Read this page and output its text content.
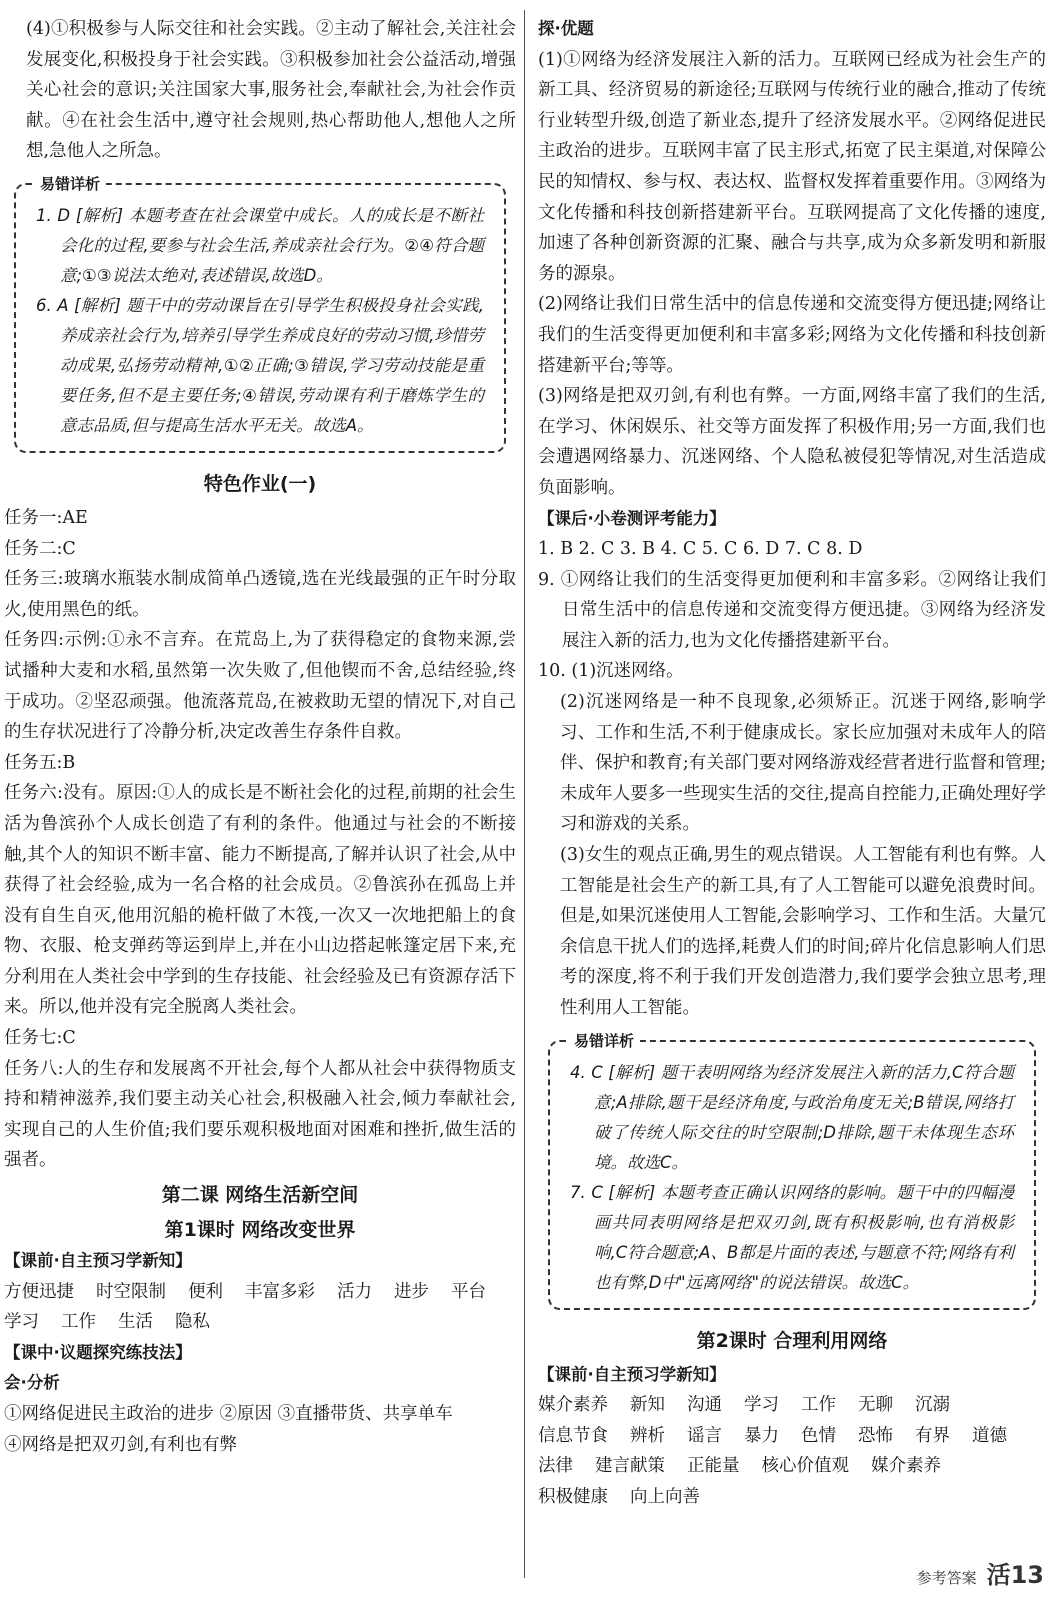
(4)①积极参与人际交往和社会实践。②主动了解社会,关注社会发展变化,积极投身于社会实践。③积极参加社会公益活动,增强关心社会的意识;关注国家大事,服务社会,奉献社会,为社会作贡献。④在社会生活中,遵守社会规则,热心帮助他人,想他人之所想,急他人之所急。

易错详析

1. D [解析] 本题考查在社会课堂中成长。人的成长是不断社会化的过程,要参与社会生活,养成亲社会行为。②④符合题意;①③说法太绝对,表述错误,故选D。

6. A [解析] 题干中的劳动课旨在引导学生积极投身社会实践,养成亲社会行为,培养引导学生养成良好的劳动习惯,珍惜劳动成果,弘扬劳动精神,①②正确;③错误,学习劳动技能是重要任务,但不是主要任务;④错误,劳动课有利于磨炼学生的意志品质,但与提高生活水平无关。故选A。

特色作业(一)

任务一:AE

任务二:C

任务三:玻璃水瓶装水制成简单凸透镜,选在光线最强的正午时分取火,使用黑色的纸。

任务四:示例:①永不言弃。在荒岛上,为了获得稳定的食物来源,尝试播种大麦和水稻,虽然第一次失败了,但他锲而不舍,总结经验,终于成功。②坚忍顽强。他流落荒岛,在被救助无望的情况下,对自己的生存状况进行了冷静分析,决定改善生存条件自救。

任务五:B

任务六:没有。原因:①人的成长是不断社会化的过程,前期的社会生活为鲁滨孙个人成长创造了有利的条件。他通过与社会的不断接触,其个人的知识不断丰富、能力不断提高,了解并认识了社会,从中获得了社会经验,成为一名合格的社会成员。②鲁滨孙在孤岛上并没有自生自灭,他用沉船的桅杆做了木筏,一次又一次地把船上的食物、衣服、枪支弹药等运到岸上,并在小山边搭起帐篷定居下来,充分利用在人类社会中学到的生存技能、社会经验及已有资源存活下来。所以,他并没有完全脱离人类社会。

任务七:C

任务八:人的生存和发展离不开社会,每个人都从社会中获得物质支持和精神滋养,我们要主动关心社会,积极融入社会,倾力奉献社会,实现自己的人生价值;我们要乐观积极地面对困难和挫折,做生活的强者。

第二课 网络生活新空间
第1课时 网络改变世界
【课前·自主预习学新知】
方便迅捷 时空限制 便利 丰富多彩 活力 进步 平台学习 工作 生活 隐私
【课中·议题探究练技法】
会·分析

①网络促进民主政治的进步 ②原因 ③直播带货、共享单车

④网络是把双刃剑,有利也有弊

探·优题

(1)①网络为经济发展注入新的活力。互联网已经成为社会生产的新工具、经济贸易的新途径;互联网与传统行业的融合,推动了传统行业转型升级,创造了新业态,提升了经济发展水平。②网络促进民主政治的进步。互联网丰富了民主形式,拓宽了民主渠道,对保障公民的知情权、参与权、表达权、监督权发挥着重要作用。③网络为文化传播和科技创新搭建新平台。互联网提高了文化传播的速度,加速了各种创新资源的汇聚、融合与共享,成为众多新发明和新服务的源泉。

(2)网络让我们日常生活中的信息传递和交流变得方便迅捷;网络让我们的生活变得更加便利和丰富多彩;网络为文化传播和科技创新搭建新平台;等等。

(3)网络是把双刃剑,有利也有弊。一方面,网络丰富了我们的生活,在学习、休闲娱乐、社交等方面发挥了积极作用;另一方面,我们也会遭遇网络暴力、沉迷网络、个人隐私被侵犯等情况,对生活造成负面影响。

【课后·小卷测评考能力】

1. B 2. C 3. B 4. C 5. C 6. D 7. C 8. D

9. ①网络让我们的生活变得更加便利和丰富多彩。②网络让我们日常生活中的信息传递和交流变得方便迅捷。③网络为经济发展注入新的活力,也为文化传播搭建新平台。

10. (1)沉迷网络。

(2)沉迷网络是一种不良现象,必须矫正。沉迷于网络,影响学习、工作和生活,不利于健康成长。家长应加强对未成年人的陪伴、保护和教育;有关部门要对网络游戏经营者进行监督和管理;未成年人要多一些现实生活的交往,提高自控能力,正确处理好学习和游戏的关系。

(3)女生的观点正确,男生的观点错误。人工智能有利也有弊。人工智能是社会生产的新工具,有了人工智能可以避免浪费时间。但是,如果沉迷使用人工智能,会影响学习、工作和生活。大量冗余信息干扰人们的选择,耗费人们的时间;碎片化信息影响人们思考的深度,将不利于我们开发创造潜力,我们要学会独立思考,理性利用人工智能。

易错详析

4. C [解析] 题干表明网络为经济发展注入新的活力,C符合题意;A排除,题干是经济角度,与政治角度无关;B错误,网络打破了传统人际交往的时空限制;D排除,题干未体现生态环境。故选C。

7. C [解析] 本题考查正确认识网络的影响。题干中的四幅漫画共同表明网络是把双刃剑,既有积极影响,也有消极影响,C符合题意;A、B都是片面的表述,与题意不符;网络有利也有弊,D中"远离网络"的说法错误。故选C。

第2课时 合理利用网络
【课前·自主预习学新知】
媒介素养 新知 沟通 学习 工作 无聊 沉溺信息节食 辨析 谣言 暴力 色情 恐怖 有界 道德法律 建言献策 正能量 核心价值观 媒介素养积极健康 向上向善
参考答案 活13
